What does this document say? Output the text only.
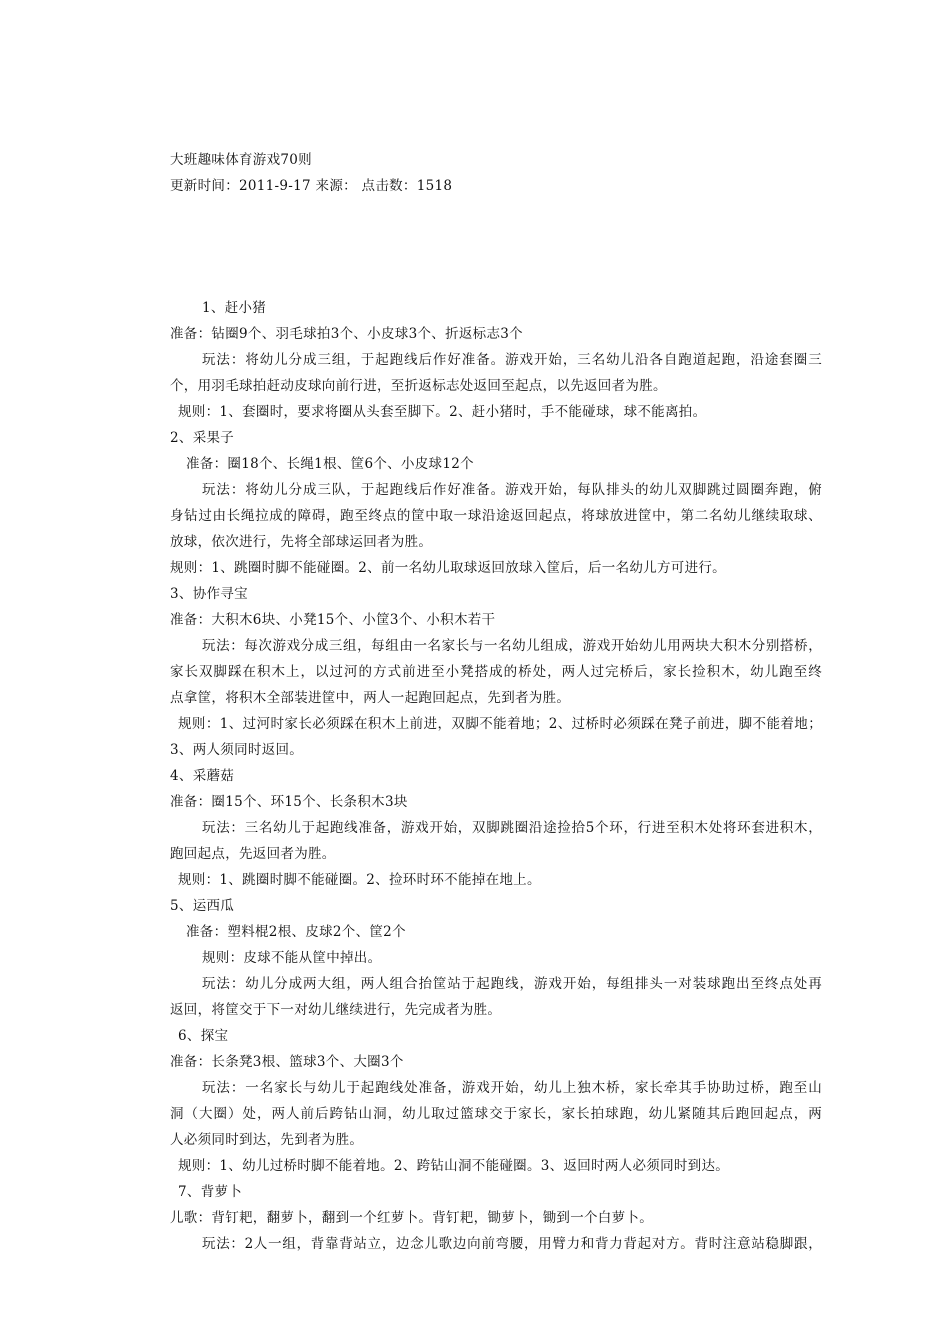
大班趣味体育游戏70则
更新时间：2011-9-17 来源： 点击数：1518
1、赶小猪
准备：钻圈9个、羽毛球拍3个、小皮球3个、折返标志3个
玩法：将幼儿分成三组，于起跑线后作好准备。游戏开始，三名幼儿沿各自跑道起跑，沿途套圈三
个，用羽毛球拍赶动皮球向前行进，至折返标志处返回至起点，以先返回者为胜。
规则：1、套圈时，要求将圈从头套至脚下。2、赶小猪时，手不能碰球，球不能离拍。
2、采果子
准备：圈18个、长绳1根、筐6个、小皮球12个
玩法：将幼儿分成三队，于起跑线后作好准备。游戏开始，每队排头的幼儿双脚跳过圆圈奔跑，俯
身钻过由长绳拉成的障碍，跑至终点的筐中取一球沿途返回起点，将球放进筐中，第二名幼儿继续取球、
放球，依次进行，先将全部球运回者为胜。
规则：1、跳圈时脚不能碰圈。2、前一名幼儿取球返回放球入筐后，后一名幼儿方可进行。
3、协作寻宝
准备：大积木6块、小凳15个、小筐3个、小积木若干
玩法：每次游戏分成三组，每组由一名家长与一名幼儿组成，游戏开始幼儿用两块大积木分别搭桥，
家长双脚踩在积木上，以过河的方式前进至小凳搭成的桥处，两人过完桥后，家长捡积木，幼儿跑至终
点拿筐，将积木全部装进筐中，两人一起跑回起点，先到者为胜。
规则：1、过河时家长必须踩在积木上前进，双脚不能着地；2、过桥时必须踩在凳子前进，脚不能着地；
3、两人须同时返回。
4、采蘑菇
准备：圈15个、环15个、长条积木3块
玩法：三名幼儿于起跑线准备，游戏开始，双脚跳圈沿途捡拾5个环，行进至积木处将环套进积木，
跑回起点，先返回者为胜。
规则：1、跳圈时脚不能碰圈。2、捡环时环不能掉在地上。
5、运西瓜
准备：塑料棍2根、皮球2个、筐2个
规则：皮球不能从筐中掉出。
玩法：幼儿分成两大组，两人组合抬筐站于起跑线，游戏开始，每组排头一对装球跑出至终点处再
返回，将筐交于下一对幼儿继续进行，先完成者为胜。
6、探宝
准备：长条凳3根、篮球3个、大圈3个
玩法：一名家长与幼儿于起跑线处准备，游戏开始，幼儿上独木桥，家长牵其手协助过桥，跑至山
洞（大圈）处，两人前后跨钻山洞，幼儿取过篮球交于家长，家长拍球跑，幼儿紧随其后跑回起点，两
人必须同时到达，先到者为胜。
规则：1、幼儿过桥时脚不能着地。2、跨钻山洞不能碰圈。3、返回时两人必须同时到达。
7、背萝卜
儿歌：背钉耙，翻萝卜，翻到一个红萝卜。背钉耙，锄萝卜，锄到一个白萝卜。
玩法：2人一组，背靠背站立，边念儿歌边向前弯腰，用臂力和背力背起对方。背时注意站稳脚跟，
